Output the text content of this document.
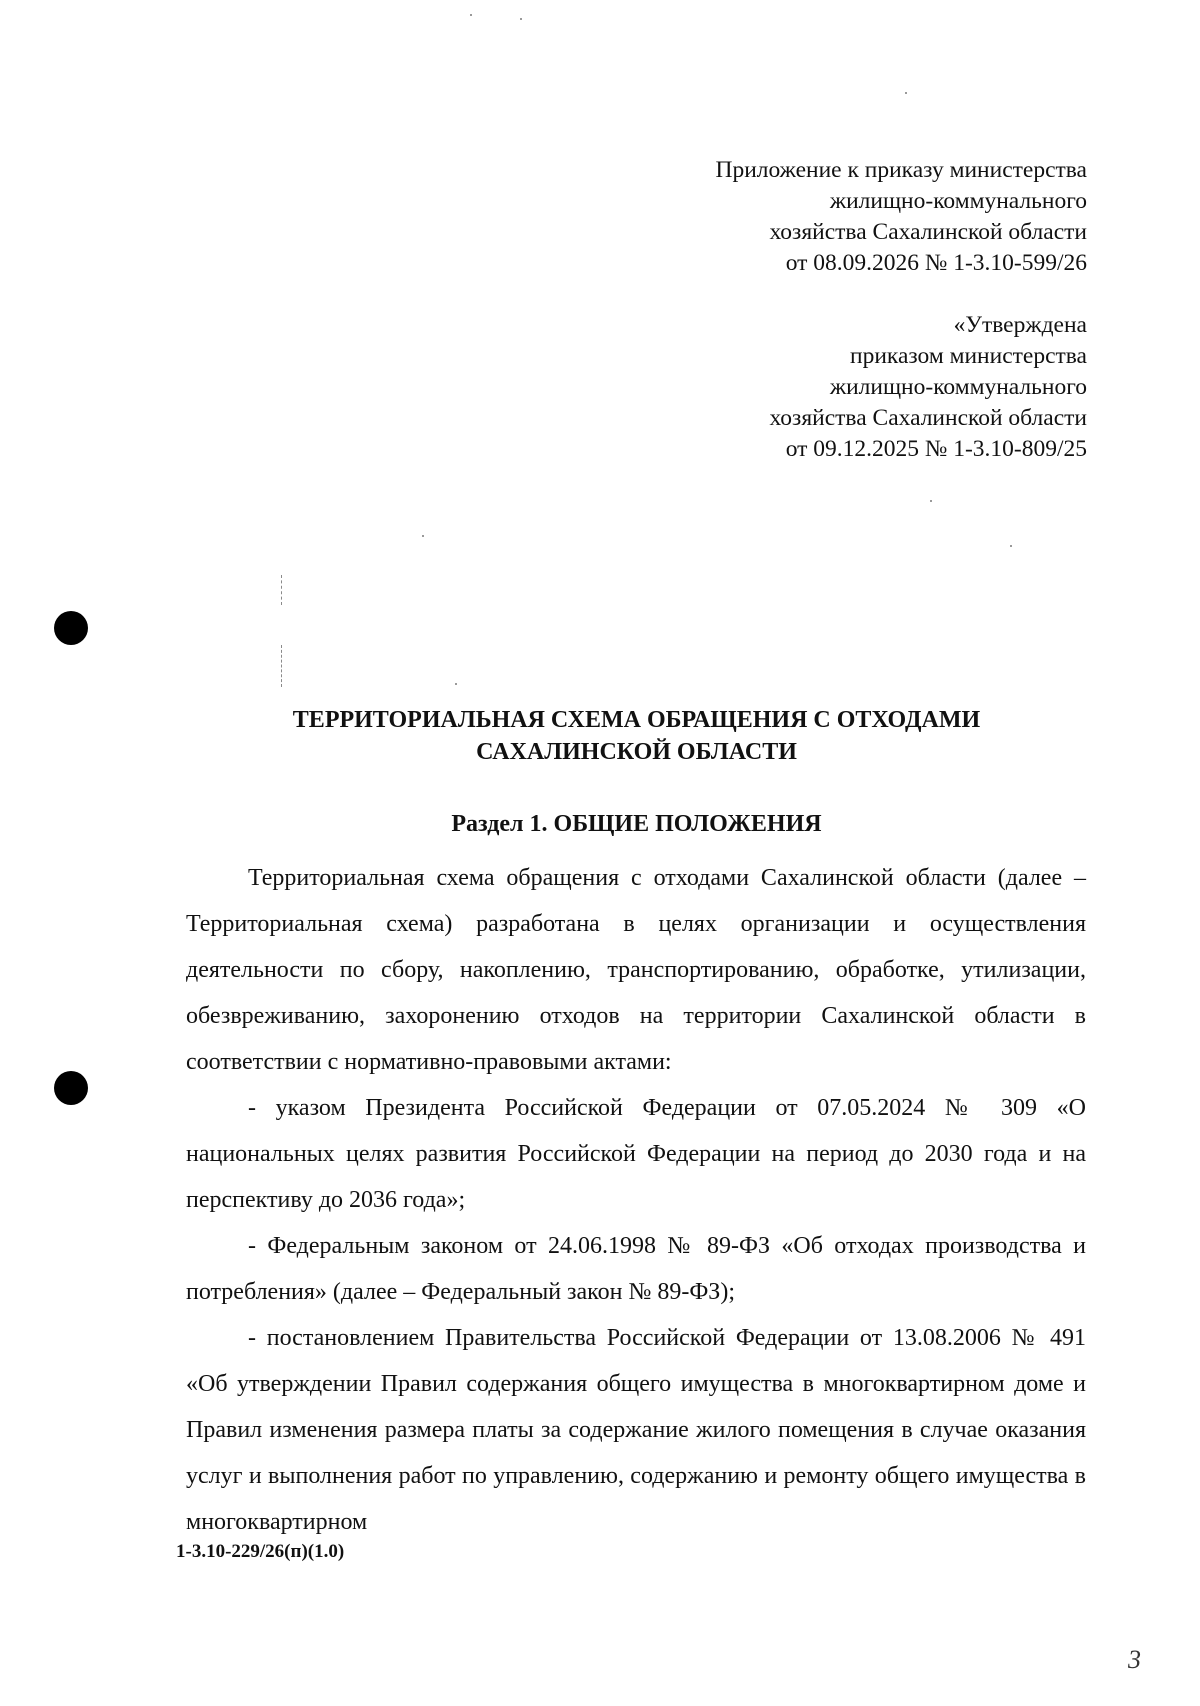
Приложение к приказу министерства
жилищно-коммунального
хозяйства Сахалинской области
от 08.09.2026 № 1-3.10-599/26
«Утверждена
приказом министерства
жилищно-коммунального
хозяйства Сахалинской области
от 09.12.2025 № 1-3.10-809/25
ТЕРРИТОРИАЛЬНАЯ СХЕМА ОБРАЩЕНИЯ С ОТХОДАМИ
САХАЛИНСКОЙ ОБЛАСТИ
Раздел 1. ОБЩИЕ ПОЛОЖЕНИЯ

Территориальная схема обращения с отходами Сахалинской области (далее – Территориальная схема) разработана в целях организации и осуществления деятельности по сбору, накоплению, транспортированию, обработке, утилизации, обезвреживанию, захоронению отходов на территории Сахалинской области в соответствии с нормативно-правовыми актами:

- указом Президента Российской Федерации от 07.05.2024 № 309 «О национальных целях развития Российской Федерации на период до 2030 года и на перспективу до 2036 года»;

- Федеральным законом от 24.06.1998 № 89-ФЗ «Об отходах производства и потребления» (далее – Федеральный закон № 89-ФЗ);

- постановлением Правительства Российской Федерации от 13.08.2006 № 491 «Об утверждении Правил содержания общего имущества в многоквартирном доме и Правил изменения размера платы за содержание жилого помещения в случае оказания услуг и выполнения работ по управлению, содержанию и ремонту общего имущества в многоквартирном

1-3.10-229/26(п)(1.0)
3
